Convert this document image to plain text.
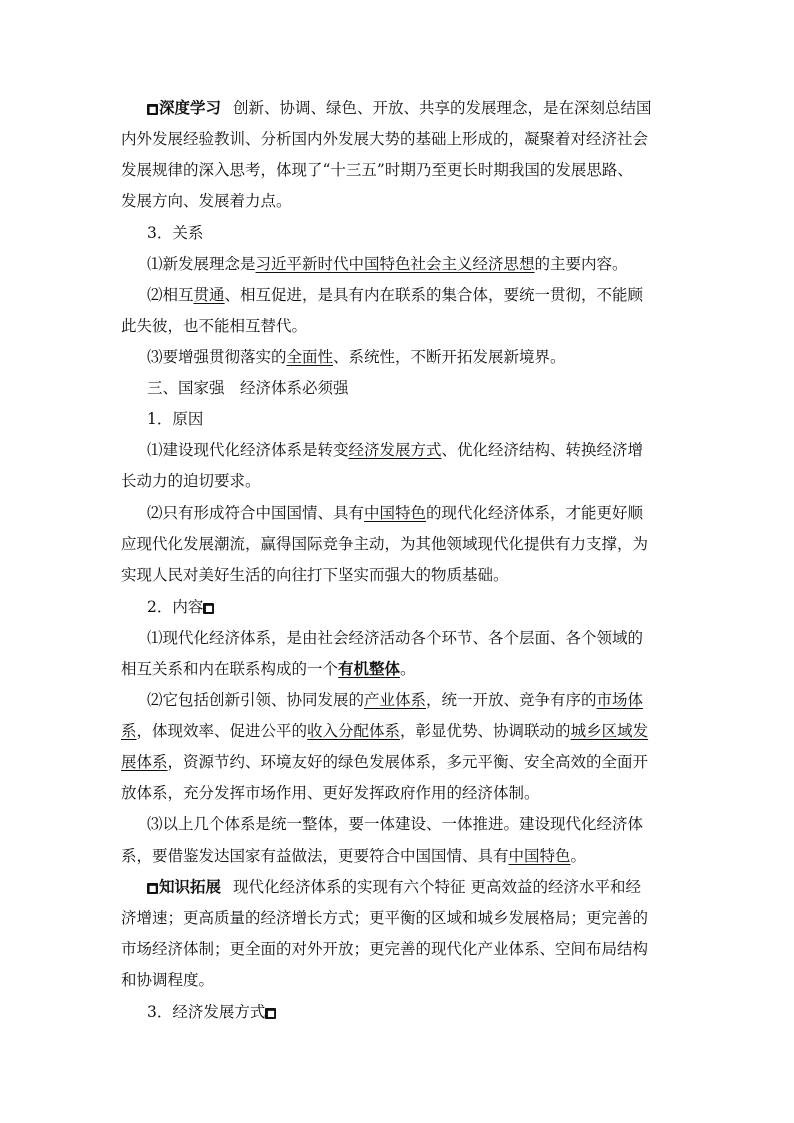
■ 深度学习 创新、协调、绿色、开放、共享的发展理念，是在深刻总结国
内外发展经验教训、分析国内外发展大势的基础上形成的，凝聚着对经济社会
发展规律的深入思考，体现了“十三五”时期乃至更长时期我国的发展思路、
发展方向、发展着力点。
3．关系
⑴新发展理念是习近平新时代中国特色社会主义经济思想的主要内容。
⑵相互贯通、相互促进，是具有内在联系的集合体，要统一贯彻，不能顾
此失彼，也不能相互替代。
⑶要增强贯彻落实的全面性、系统性，不断开拓发展新境界。
三、国家强　经济体系必须强
1．原因
⑴建设现代化经济体系是转变经济发展方式、优化经济结构、转换经济增
长动力的迫切要求。
⑵只有形成符合中国国情、具有中国特色的现代化经济体系，才能更好顺
应现代化发展潮流，赢得国际竞争主动，为其他领域现代化提供有力支撑，为
实现人民对美好生活的向往打下坚实而强大的物质基础。
2．内容 ■
⑴现代化经济体系，是由社会经济活动各个环节、各个层面、各个领域的
相互关系和内在联系构成的一个有机整体。
⑵它包括创新引领、协同发展的产业体系，统一开放、竞争有序的市场体
系，体现效率、促进公平的收入分配体系，彰显优势、协调联动的城乡区域发
展体系，资源节约、环境友好的绿色发展体系，多元平衡、安全高效的全面开
放体系，充分发挥市场作用、更好发挥政府作用的经济体制。
⑶以上几个体系是统一整体，要一体建设、一体推进。建设现代化经济体
系，要借鉴发达国家有益做法，更要符合中国国情、具有中国特色。
■ 知识拓展 现代化经济体系的实现有六个特征 更高效益的经济水平和经
济增速；更高质量的经济增长方式；更平衡的区域和城乡发展格局；更完善的
市场经济体制；更全面的对外开放；更完善的现代化产业体系、空间布局结构
和协调程度。
3．经济发展方式 ■
